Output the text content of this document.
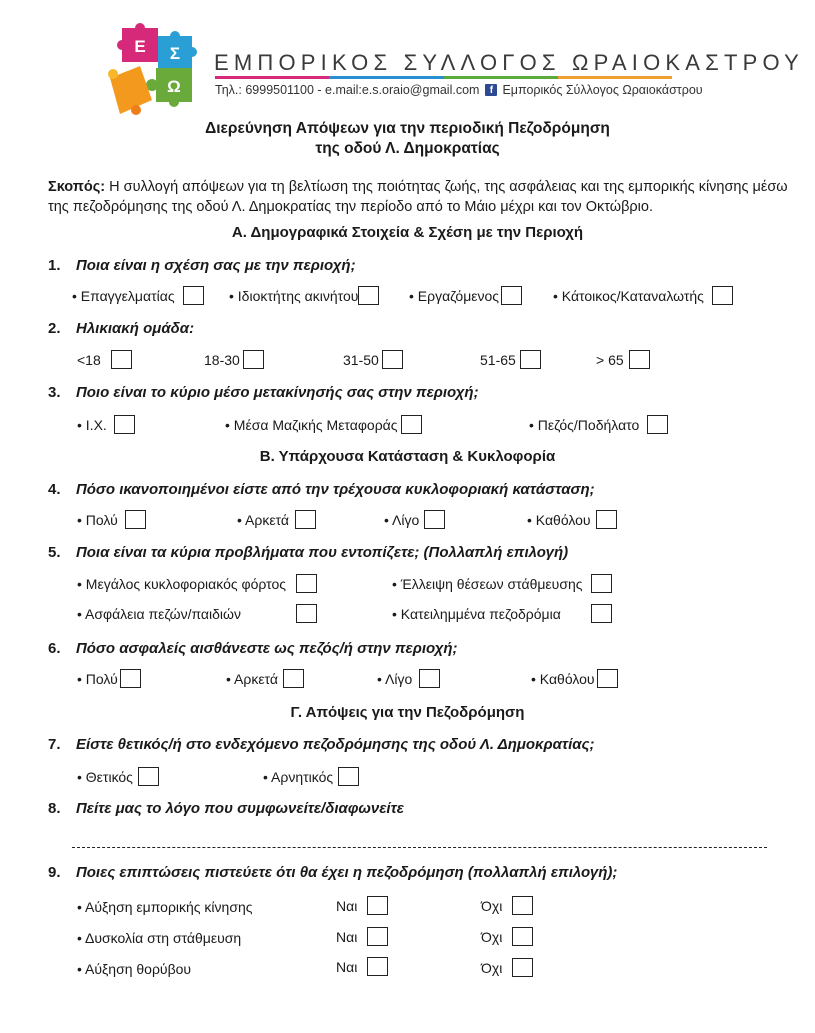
Ε Σ
Ω
ΕΜΠΟΡΙΚΟΣ ΣΥΛΛΟΓΟΣ ΩΡΑΙΟΚΑΣΤΡΟΥ
Τηλ.: 6999501100 - e.mail:e.s.oraio@gmail.com	f Εμπορικός Σύλλογος Ωραιοκάστρου
Διερεύνηση Απόψεων για την περιοδική Πεζοδρόμηση
της οδού Λ. Δημοκρατίας
Σκοπός: Η συλλογή απόψεων για τη βελτίωση της ποιότητας ζωής, της ασφάλειας και της εμπορικής κίνησης μέσω της πεζοδρόμησης της οδού Λ. Δημοκρατίας την περίοδο από το Μάιο μέχρι και τον Οκτώβριο.
Α. Δημογραφικά Στοιχεία & Σχέση με την Περιοχή
1. Ποια είναι η σχέση σας με την περιοχή;
• Επαγγελματίας	• Ιδιοκτήτης ακινήτου	• Εργαζόμενος	• Κάτοικος/Καταναλωτής
2. Ηλικιακή ομάδα:
<18	18-30	31-50	51-65	> 65
3. Ποιο είναι το κύριο μέσο μετακίνησής σας στην περιοχή;
• Ι.Χ.	• Μέσα Μαζικής Μεταφοράς	• Πεζός/Ποδήλατο
Β. Υπάρχουσα Κατάσταση & Κυκλοφορία
4. Πόσο ικανοποιημένοι είστε από την τρέχουσα κυκλοφοριακή κατάσταση;
• Πολύ	• Αρκετά	• Λίγο	• Καθόλου
5. Ποια είναι τα κύρια προβλήματα που εντοπίζετε; (Πολλαπλή επιλογή)
• Μεγάλος κυκλοφοριακός φόρτος	• Έλλειψη θέσεων στάθμευσης
• Ασφάλεια πεζών/παιδιών	• Κατειλημμένα πεζοδρόμια
6. Πόσο ασφαλείς αισθάνεστε ως πεζός/ή στην περιοχή;
• Πολύ	• Αρκετά	• Λίγο	• Καθόλου
Γ. Απόψεις για την Πεζοδρόμηση
7. Είστε θετικός/ή στο ενδεχόμενο πεζοδρόμησης της οδού Λ. Δημοκρατίας;
• Θετικός	• Αρνητικός
8. Πείτε μας το λόγο που συμφωνείτε/διαφωνείτε
9. Ποιες επιπτώσεις πιστεύετε ότι θα έχει η πεζοδρόμηση (πολλαπλή επιλογή);
• Αύξηση εμπορικής κίνησης	Ναι	Όχι
• Δυσκολία στη στάθμευση	Ναι	Όχι
• Αύξηση θορύβου	Ναι	Όχι
